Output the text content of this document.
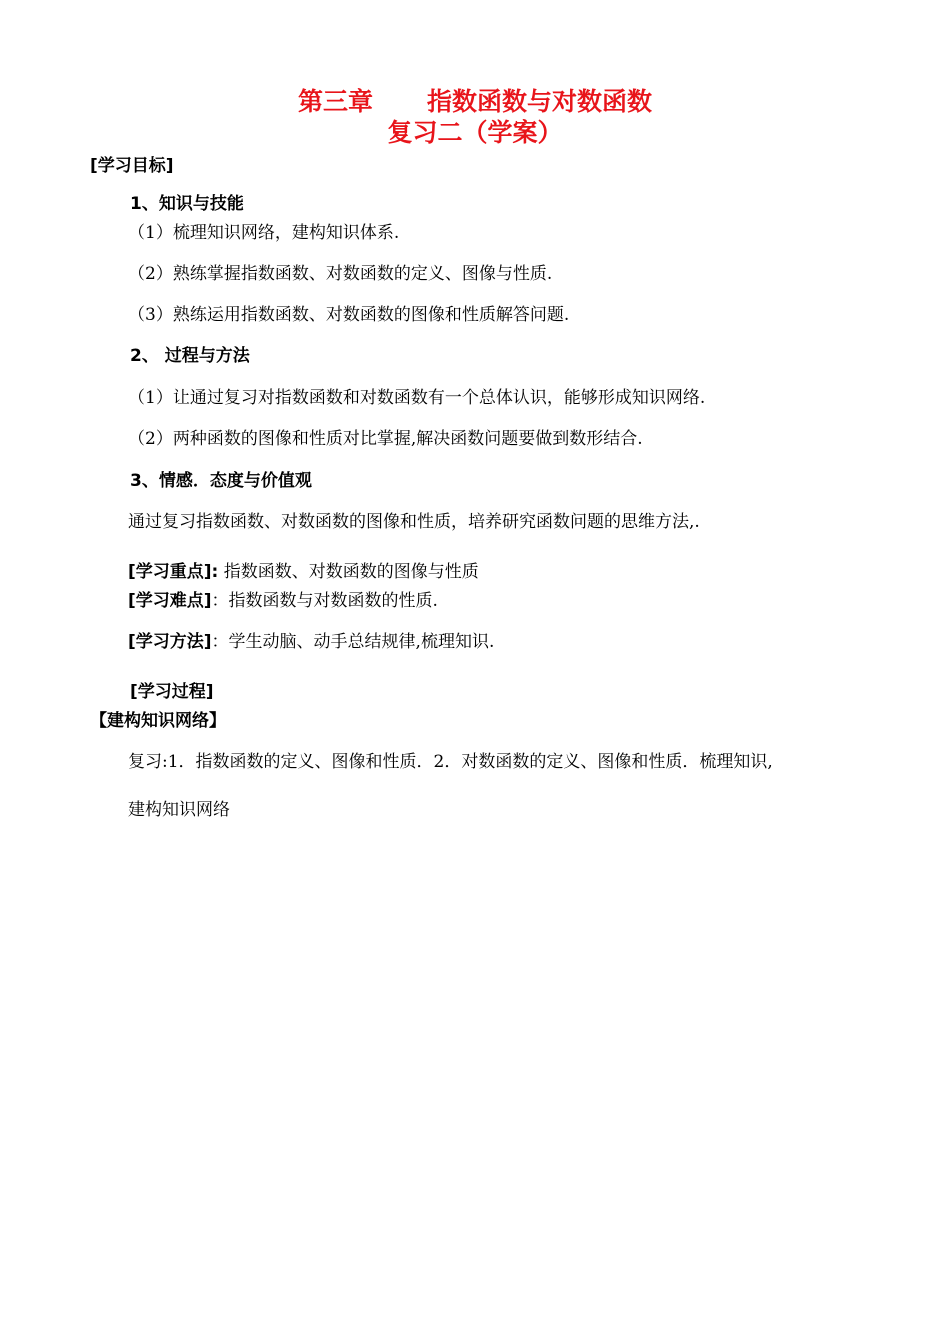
第三章 指数函数与对数函数
复习二（学案）
[学习目标]
1、知识与技能
（1）梳理知识网络，建构知识体系.
（2）熟练掌握指数函数、对数函数的定义、图像与性质.
（3）熟练运用指数函数、对数函数的图像和性质解答问题.
2、 过程与方法
（1）让通过复习对指数函数和对数函数有一个总体认识，能够形成知识网络.
（2）两种函数的图像和性质对比掌握,解决函数问题要做到数形结合.
3、情感．态度与价值观
通过复习指数函数、对数函数的图像和性质，培养研究函数问题的思维方法,.
[学习重点]: 指数函数、对数函数的图像与性质
[学习难点]：指数函数与对数函数的性质.
[学习方法]：学生动脑、动手总结规律,梳理知识.
[学习过程]
【建构知识网络】
复习:1．指数函数的定义、图像和性质．2．对数函数的定义、图像和性质．梳理知识,
建构知识网络
